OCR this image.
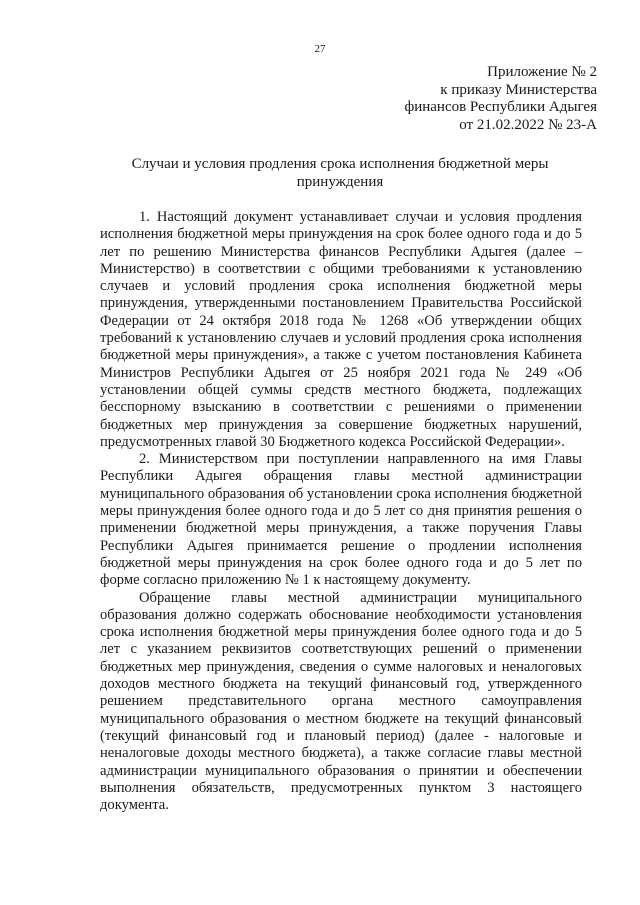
27
Приложение № 2
к приказу Министерства
финансов Республики Адыгея
от 21.02.2022 № 23-А
Случаи и условия продления срока исполнения бюджетной меры принуждения

1. Настоящий документ устанавливает случаи и условия продления исполнения бюджетной меры принуждения на срок более одного года и до 5 лет по решению Министерства финансов Республики Адыгея (далее – Министерство) в соответствии с общими требованиями к установлению случаев и условий продления срока исполнения бюджетной меры принуждения, утвержденными постановлением Правительства Российской Федерации от 24 октября 2018 года № 1268 «Об утверждении общих требований к установлению случаев и условий продления срока исполнения бюджетной меры принуждения», а также с учетом постановления Кабинета Министров Республики Адыгея от 25 ноября 2021 года № 249 «Об установлении общей суммы средств местного бюджета, подлежащих бесспорному взысканию в соответствии с решениями о применении бюджетных мер принуждения за совершение бюджетных нарушений, предусмотренных главой 30 Бюджетного кодекса Российской Федерации».

2. Министерством при поступлении направленного на имя Главы Республики Адыгея обращения главы местной администрации муниципального образования об установлении срока исполнения бюджетной меры принуждения более одного года и до 5 лет со дня принятия решения о применении бюджетной меры принуждения, а также поручения Главы Республики Адыгея принимается решение о продлении исполнения бюджетной меры принуждения на срок более одного года и до 5 лет по форме согласно приложению № 1 к настоящему документу.

Обращение главы местной администрации муниципального образования должно содержать обоснование необходимости установления срока исполнения бюджетной меры принуждения более одного года и до 5 лет с указанием реквизитов соответствующих решений о применении бюджетных мер принуждения, сведения о сумме налоговых и неналоговых доходов местного бюджета на текущий финансовый год, утвержденного решением представительного органа местного самоуправления муниципального образования о местном бюджете на текущий финансовый (текущий финансовый год и плановый период) (далее - налоговые и неналоговые доходы местного бюджета), а также согласие главы местной администрации муниципального образования о принятии и обеспечении выполнения обязательств, предусмотренных пунктом 3 настоящего документа.
